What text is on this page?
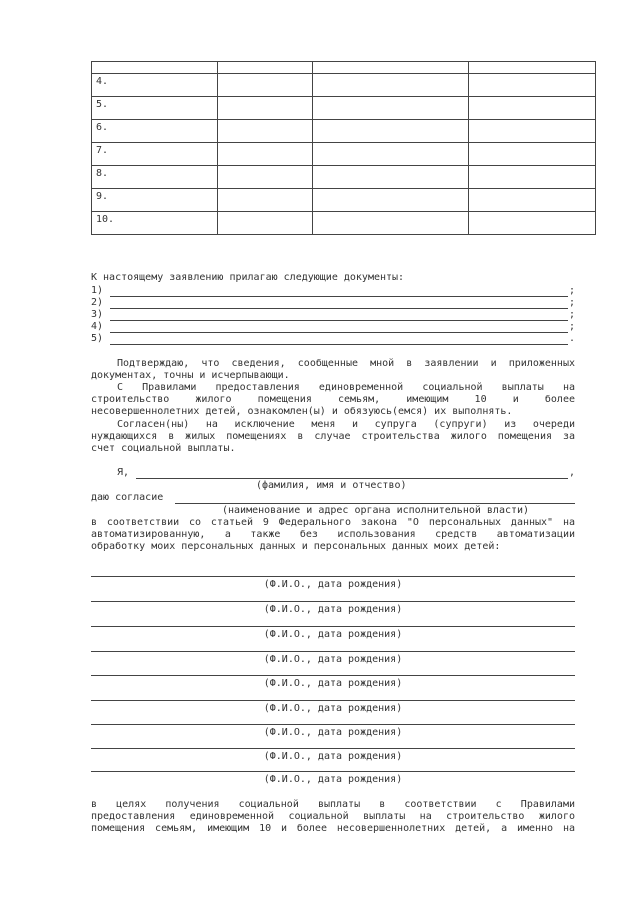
4.			
5.			
6.			
7.			
8.			
9.			
10.			
К настоящему заявлению прилагаю следующие документы:
1)	;
2)	;
3)	;
4)	;
5)	.
Подтверждаю, что сведения, сообщенные мной в заявлении и приложенных
документах, точны и исчерпывающи.
С Правилами предоставления единовременной социальной выплаты на
строительство жилого помещения семьям, имеющим 10 и более
несовершеннолетних детей, ознакомлен(ы) и обязуюсь(емся) их выполнять.
Согласен(ны) на исключение меня и супруга (супруги) из очереди
нуждающихся в жилых помещениях в случае строительства жилого помещения за
счет социальной выплаты.
Я,	,
(фамилия, имя и отчество)
даю согласие
(наименование и адрес органа исполнительной власти)
в соответствии со статьей 9 Федерального закона "О персональных данных" на
автоматизированную, а также без использования средств автоматизации
обработку моих персональных данных и персональных данных моих детей:
(Ф.И.О., дата рождения)
(Ф.И.О., дата рождения)
(Ф.И.О., дата рождения)
(Ф.И.О., дата рождения)
(Ф.И.О., дата рождения)
(Ф.И.О., дата рождения)
(Ф.И.О., дата рождения)
(Ф.И.О., дата рождения)
(Ф.И.О., дата рождения)
в целях получения социальной выплаты в соответствии с Правилами
предоставления единовременной социальной выплаты на строительство жилого
помещения семьям, имеющим 10 и более несовершеннолетних детей, а именно на
